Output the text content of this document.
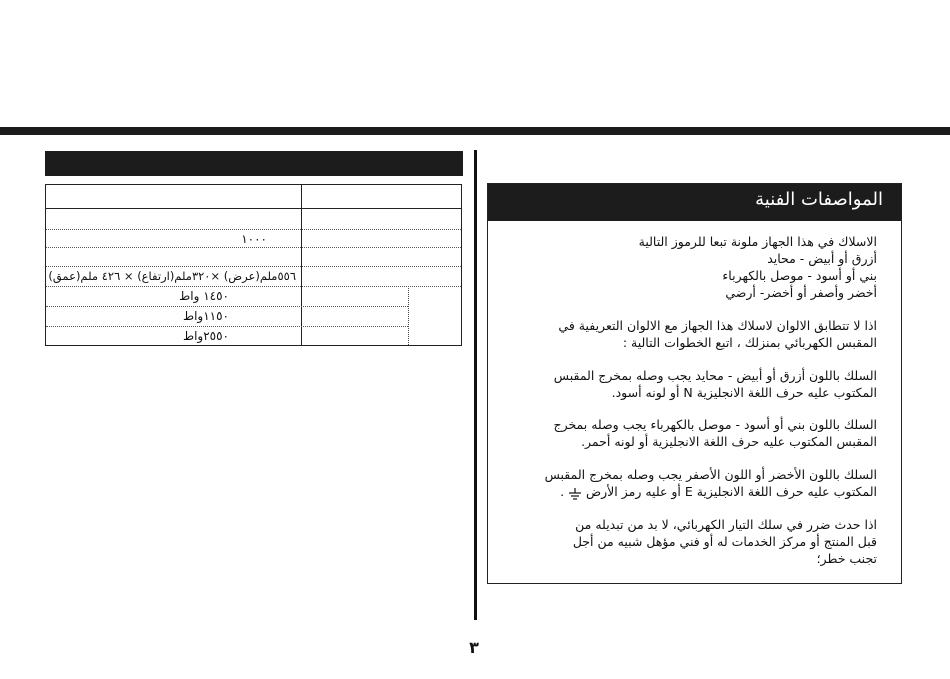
١٠٠٠
٥٥٦ملم(عرض) ×٣٢٠ملم(ارتفاع) × ٤٢٦ ملم(عمق)
١٤٥٠ واط
١١٥٠واط
٢٥٥٠واط
المواصفات الفنية
الاسلاك في هذا الجهاز ملونة تبعا للرموز التالية
أزرق أو أبيض - محايد
بني أو أسود - موصل بالكهرباء
أخضر وأصفر أو أخضر- أرضي
اذا لا تتطابق الالوان لاسلاك هذا الجهاز مع الالوان التعريفية في
المقبس الكهربائي بمنزلك ، اتبع الخطوات التالية :
السلك باللون أزرق أو أبيض - محايد يجب وصله بمخرج المقبس
المكتوب عليه حرف اللغة الانجليزية N أو لونه أسود.
السلك باللون بني أو أسود - موصل بالكهرباء يجب وصله بمخرج
المقبس المكتوب عليه حرف اللغة الانجليزية أو لونه أحمر.
السلك باللون الأخضر أو اللون الأصفر يجب وصله بمخرج المقبس
المكتوب عليه حرف اللغة الانجليزية E أو عليه رمز الأرض  .
اذا حدث ضرر في سلك التيار الكهربائي، لا بد من تبديله من
قبل المنتج أو مركز الخدمات له أو فني مؤهل شبيه من أجل
تجنب خطر؛
٣
